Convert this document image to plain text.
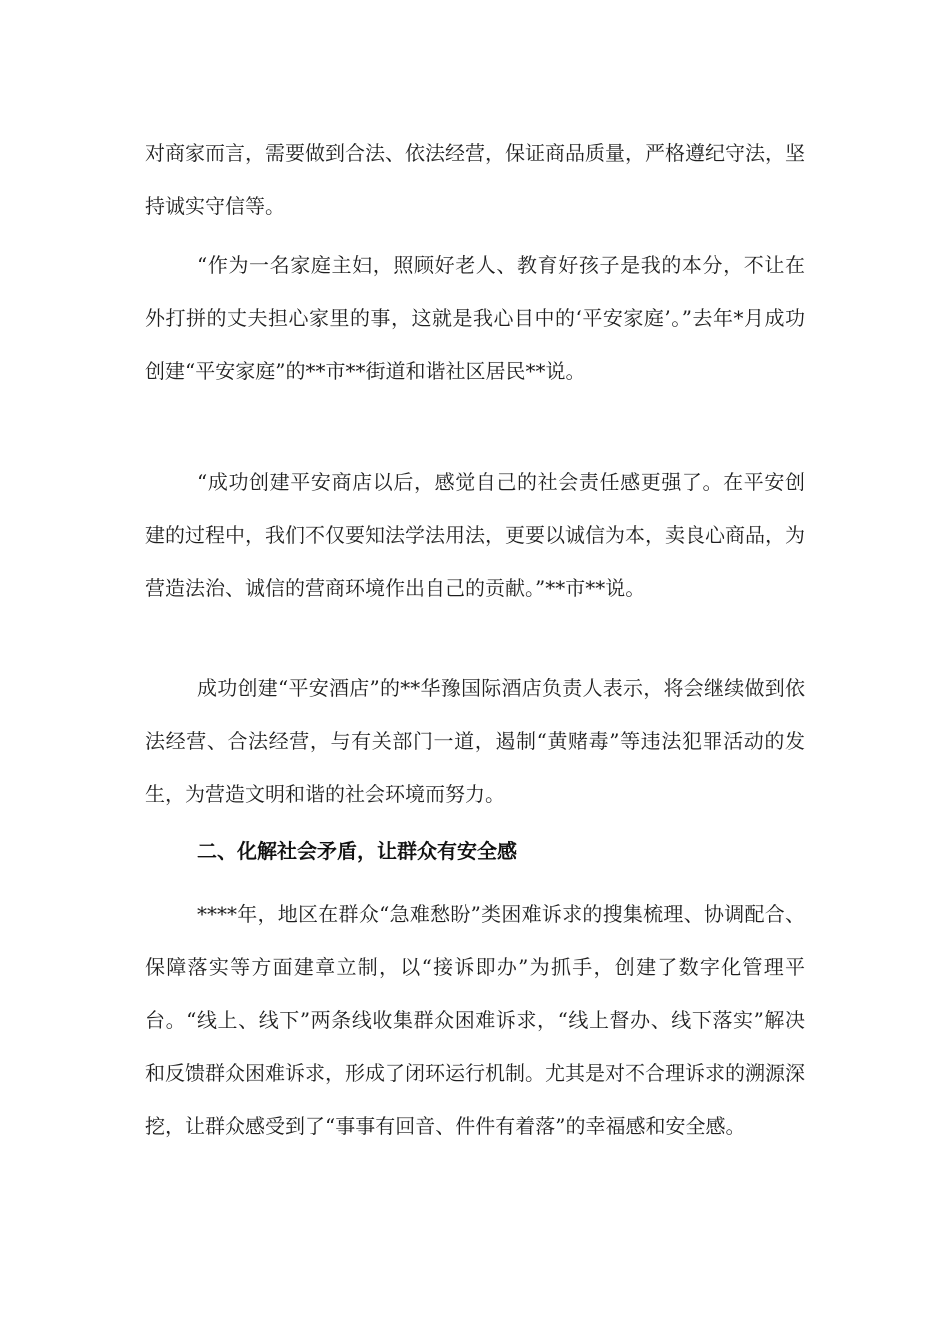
对商家而言，需要做到合法、依法经营，保证商品质量，严格遵纪守法，坚持诚实守信等。
“作为一名家庭主妇，照顾好老人、教育好孩子是我的本分，不让在外打拼的丈夫担心家里的事，这就是我心目中的‘平安家庭’。”去年*月成功创建“平安家庭”的**市**街道和谐社区居民**说。
“成功创建平安商店以后，感觉自己的社会责任感更强了。在平安创建的过程中，我们不仅要知法学法用法，更要以诚信为本，卖良心商品，为营造法治、诚信的营商环境作出自己的贡献。”**市**说。
成功创建“平安酒店”的**华豫国际酒店负责人表示，将会继续做到依法经营、合法经营，与有关部门一道，遏制“黄赌毒”等违法犯罪活动的发生，为营造文明和谐的社会环境而努力。
二、化解社会矛盾，让群众有安全感
****年，地区在群众“急难愁盼”类困难诉求的搜集梳理、协调配合、保障落实等方面建章立制，以“接诉即办”为抓手，创建了数字化管理平台。“线上、线下”两条线收集群众困难诉求，“线上督办、线下落实”解决和反馈群众困难诉求，形成了闭环运行机制。尤其是对不合理诉求的溯源深挖，让群众感受到了“事事有回音、件件有着落”的幸福感和安全感。
